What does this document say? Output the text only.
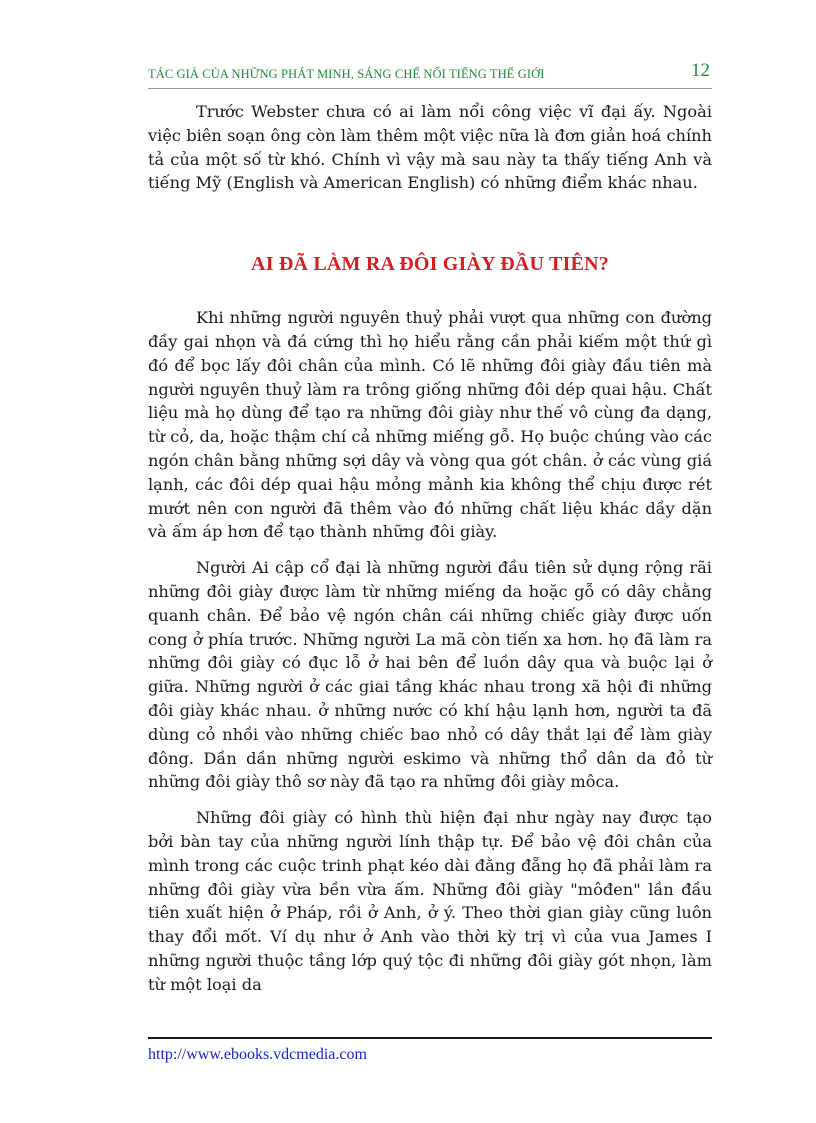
TÁC GIẢ CỦA NHỮNG PHÁT MINH, SÁNG CHẾ NỔI TIẾNG THẾ GIỚI	12

Trước Webster chưa có ai làm nổi công việc vĩ đại ấy. Ngoài việc biên soạn ông còn làm thêm một việc nữa là đơn giản hoá chính tả của một số từ khó. Chính vì vậy mà sau này ta thấy tiếng Anh và tiếng Mỹ (English và American English) có những điểm khác nhau.

AI ĐÃ LÀM RA ĐÔI GIÀY ĐẦU TIÊN?

Khi những người nguyên thuỷ phải vượt qua những con đường đầy gai nhọn và đá cứng thì họ hiểu rằng cần phải kiếm một thứ gì đó để bọc lấy đôi chân của mình. Có lẽ những đôi giày đầu tiên mà người nguyên thuỷ làm ra trông giống những đôi dép quai hậu. Chất liệu mà họ dùng để tạo ra những đôi giày như thế vô cùng đa dạng, từ cỏ, da, hoặc thậm chí cả những miếng gỗ. Họ buộc chúng vào các ngón chân bằng những sợi dây và vòng qua gót chân. ở các vùng giá lạnh, các đôi dép quai hậu mỏng mảnh kia không thể chịu được rét mướt nên con người đã thêm vào đó những chất liệu khác dầy dặn và ấm áp hơn để tạo thành những đôi giày.

Người Ai cập cổ đại là những người đầu tiên sử dụng rộng rãi những đôi giày được làm từ những miếng da hoặc gỗ có dây chằng quanh chân. Để bảo vệ ngón chân cái những chiếc giày được uốn cong ở phía trước. Những người La mã còn tiến xa hơn. họ đã làm ra những đôi giày có đục lỗ ở hai bên để luồn dây qua và buộc lại ở giữa. Những người ở các giai tầng khác nhau trong xã hội đi những đôi giày khác nhau. ở những nước có khí hậu lạnh hơn, người ta đã dùng cỏ nhồi vào những chiếc bao nhỏ có dây thắt lại để làm giày đông. Dần dần những người eskimo và những thổ dân da đỏ từ những đôi giày thô sơ này đã tạo ra những đôi giày môca.

Những đôi giày có hình thù hiện đại như ngày nay được tạo bởi bàn tay của những người lính thập tự. Để bảo vệ đôi chân của mình trong các cuộc trinh phạt kéo dài đằng đẵng họ đã phải làm ra những đôi giày vừa bền vừa ấm. Những đôi giày "môđen" lần đầu tiên xuất hiện ở Pháp, rồi ở Anh, ở ý. Theo thời gian giày cũng luôn thay đổi mốt. Ví dụ như ở Anh vào thời kỳ trị vì của vua James I những người thuộc tầng lớp quý tộc đi những đôi giày gót nhọn, làm từ một loại da

http://www.ebooks.vdcmedia.com
